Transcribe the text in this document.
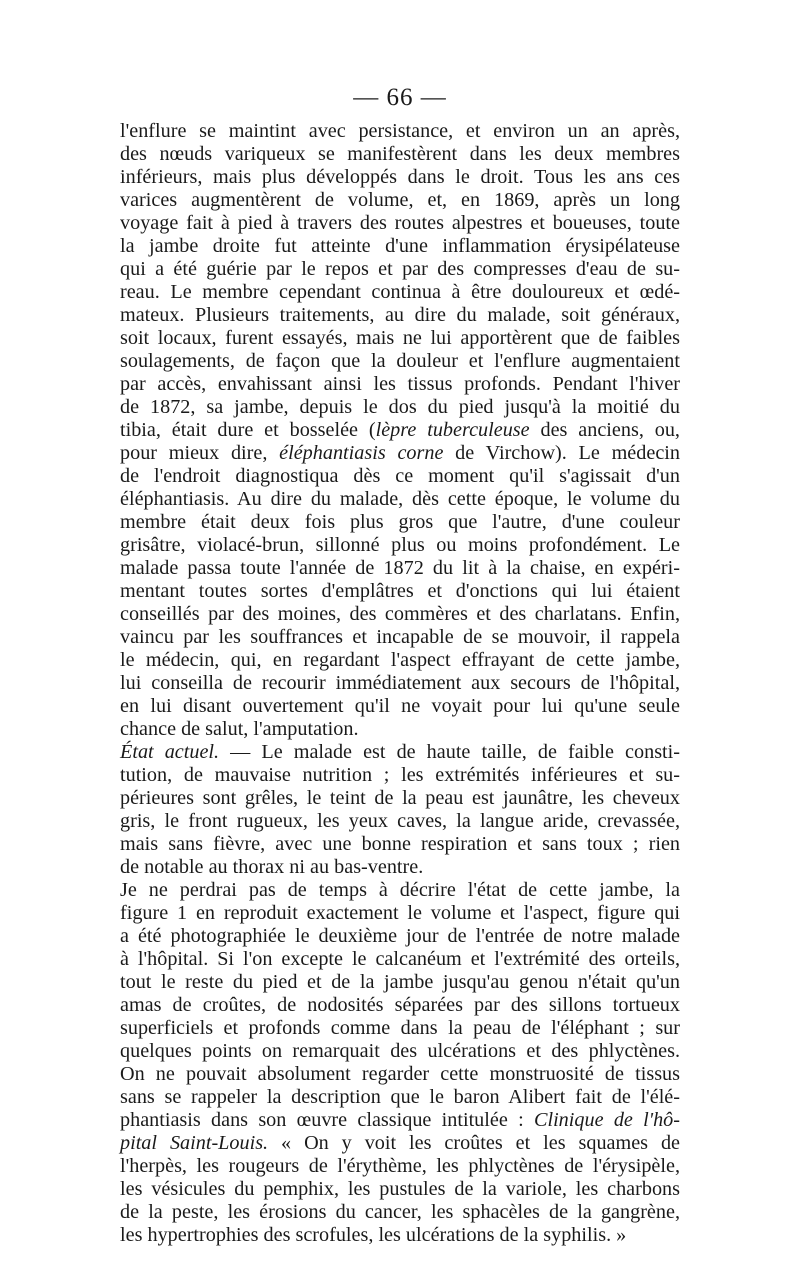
— 66 —
l'enflure se maintint avec persistance, et environ un an après,
des nœuds variqueux se manifestèrent dans les deux membres
inférieurs, mais plus développés dans le droit. Tous les ans ces
varices augmentèrent de volume, et, en 1869, après un long
voyage fait à pied à travers des routes alpestres et boueuses, toute
la jambe droite fut atteinte d'une inflammation érysipélateuse
qui a été guérie par le repos et par des compresses d'eau de su-
reau. Le membre cependant continua à être douloureux et œdé-
mateux. Plusieurs traitements, au dire du malade, soit généraux,
soit locaux, furent essayés, mais ne lui apportèrent que de faibles
soulagements, de façon que la douleur et l'enflure augmentaient
par accès, envahissant ainsi les tissus profonds. Pendant l'hiver
de 1872, sa jambe, depuis le dos du pied jusqu'à la moitié du
tibia, était dure et bosselée (lèpre tuberculeuse des anciens, ou,
pour mieux dire, éléphantiasis corne de Virchow). Le médecin
de l'endroit diagnostiqua dès ce moment qu'il s'agissait d'un
éléphantiasis. Au dire du malade, dès cette époque, le volume du
membre était deux fois plus gros que l'autre, d'une couleur
grisâtre, violacé-brun, sillonné plus ou moins profondément. Le
malade passa toute l'année de 1872 du lit à la chaise, en expéri-
mentant toutes sortes d'emplâtres et d'onctions qui lui étaient
conseillés par des moines, des commères et des charlatans. Enfin,
vaincu par les souffrances et incapable de se mouvoir, il rappela
le médecin, qui, en regardant l'aspect effrayant de cette jambe,
lui conseilla de recourir immédiatement aux secours de l'hôpital,
en lui disant ouvertement qu'il ne voyait pour lui qu'une seule
chance de salut, l'amputation.
État actuel. — Le malade est de haute taille, de faible consti-
tution, de mauvaise nutrition ; les extrémités inférieures et su-
périeures sont grêles, le teint de la peau est jaunâtre, les cheveux
gris, le front rugueux, les yeux caves, la langue aride, crevassée,
mais sans fièvre, avec une bonne respiration et sans toux ; rien
de notable au thorax ni au bas-ventre.
Je ne perdrai pas de temps à décrire l'état de cette jambe, la
figure 1 en reproduit exactement le volume et l'aspect, figure qui
a été photographiée le deuxième jour de l'entrée de notre malade
à l'hôpital. Si l'on excepte le calcanéum et l'extrémité des orteils,
tout le reste du pied et de la jambe jusqu'au genou n'était qu'un
amas de croûtes, de nodosités séparées par des sillons tortueux
superficiels et profonds comme dans la peau de l'éléphant ; sur
quelques points on remarquait des ulcérations et des phlyctènes.
On ne pouvait absolument regarder cette monstruosité de tissus
sans se rappeler la description que le baron Alibert fait de l'élé-
phantiasis dans son œuvre classique intitulée : Clinique de l'hô-
pital Saint-Louis. « On y voit les croûtes et les squames de
l'herpès, les rougeurs de l'érythème, les phlyctènes de l'érysipèle,
les vésicules du pemphix, les pustules de la variole, les charbons
de la peste, les érosions du cancer, les sphacèles de la gangrène,
les hypertrophies des scrofules, les ulcérations de la syphilis. »
